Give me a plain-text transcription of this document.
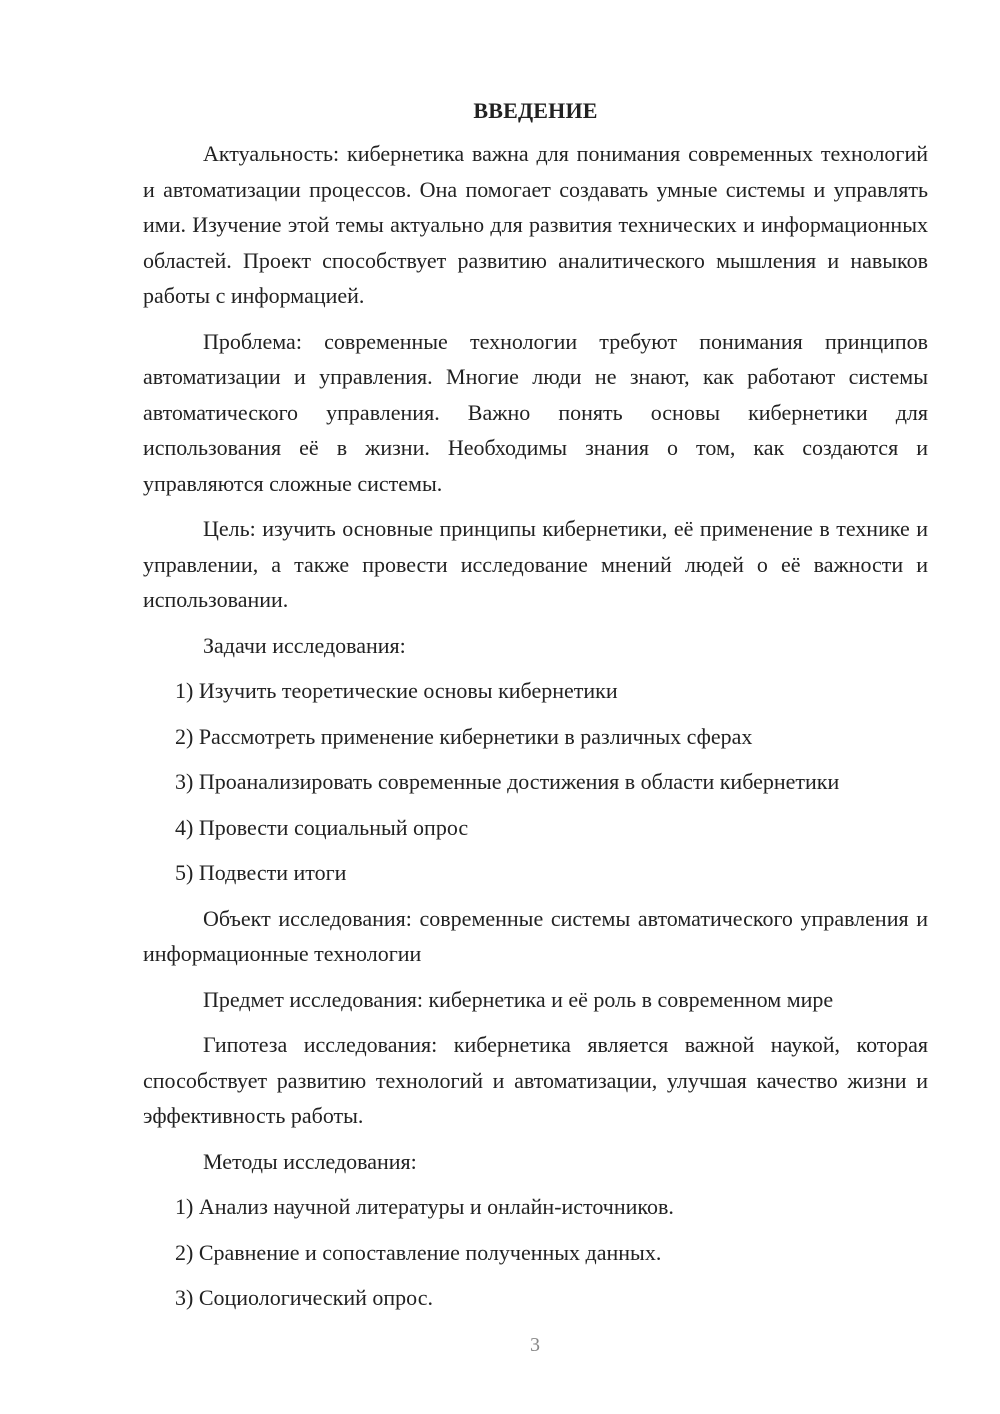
ВВЕДЕНИЕ

Актуальность: кибернетика важна для понимания современных технологий и автоматизации процессов. Она помогает создавать умные системы и управлять ими. Изучение этой темы актуально для развития технических и информационных областей. Проект способствует развитию аналитического мышления и навыков работы с информацией.

Проблема: современные технологии требуют понимания принципов автоматизации и управления. Многие люди не знают, как работают системы автоматического управления. Важно понять основы кибернетики для использования её в жизни. Необходимы знания о том, как создаются и управляются сложные системы.

Цель: изучить основные принципы кибернетики, её применение в технике и управлении, а также провести исследование мнений людей о её важности и использовании.

Задачи исследования:

1) Изучить теоретические основы кибернетики
2) Рассмотреть применение кибернетики в различных сферах
3) Проанализировать современные достижения в области кибернетики
4) Провести социальный опрос
5) Подвести итоги

Объект исследования: современные системы автоматического управления и информационные технологии

Предмет исследования: кибернетика и её роль в современном мире

Гипотеза исследования: кибернетика является важной наукой, которая способствует развитию технологий и автоматизации, улучшая качество жизни и эффективность работы.

Методы исследования:

1) Анализ научной литературы и онлайн-источников.
2) Сравнение и сопоставление полученных данных.
3) Социологический опрос.
3
